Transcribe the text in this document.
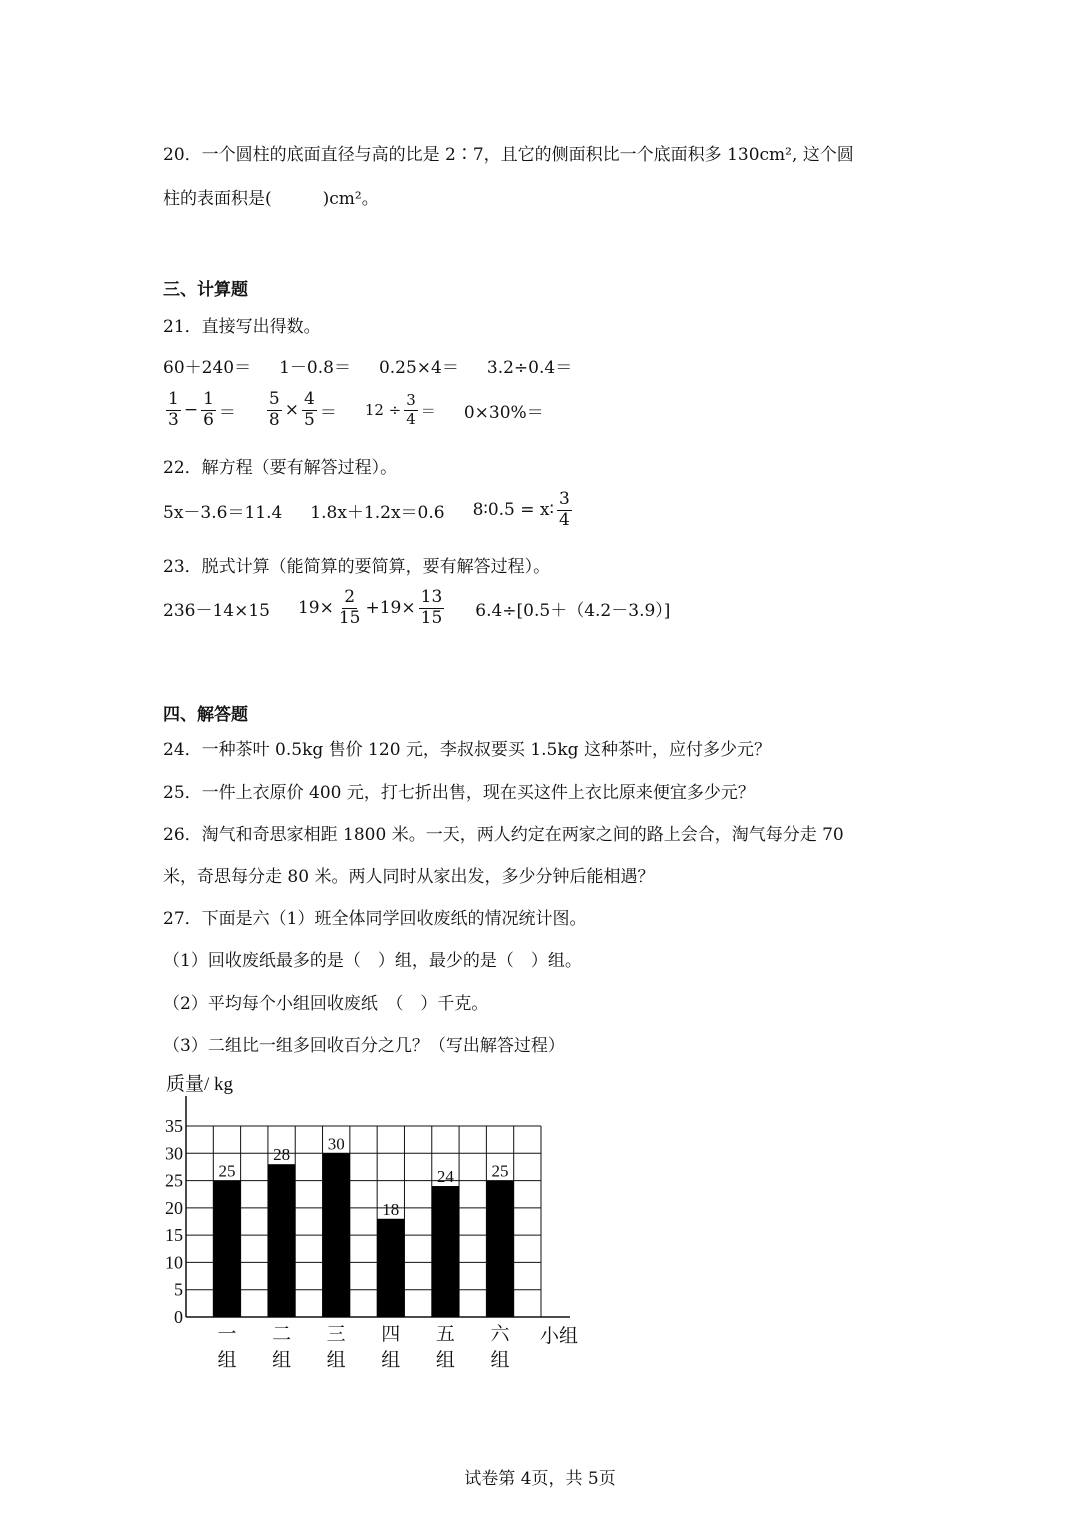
20．一个圆柱的底面直径与高的比是 2∶7，且它的侧面积比一个底面积多 130cm², 这个圆
柱的表面积是(　　　)cm²。
三、计算题
21．直接写出得数。
60＋240＝ 1－0.8＝ 0.25×4＝ 3.2÷0.4＝
$\frac{1}{3} - \frac{1}{6} = \frac{5}{8} \times \frac{4}{5} = 12 \div \frac{3}{4} = 0\times 30\%=$
22．解方程（要有解答过程）。
5x－3.6＝11.4 1.8x＋1.2x＝0.6 8∶0.5 = x∶ $\frac{3}{4}$
23．脱式计算（能简算的要简算，要有解答过程）。
236－14×15 $19\times \frac{2}{15} +19\times \frac{13}{15} 6.4\div[0.5+(4.2-3.9)]$
四、解答题
24．一种茶叶 0.5kg 售价 120 元，李叔叔要买 1.5kg 这种茶叶，应付多少元？
25．一件上衣原价 400 元，打七折出售，现在买这件上衣比原来便宜多少元？
26．淘气和奇思家相距 1800 米。一天，两人约定在两家之间的路上会合，淘气每分走 70
米，奇思每分走 80 米。两人同时从家出发，多少分钟后能相遇？
27．下面是六（1）班全体同学回收废纸的情况统计图。
（1）回收废纸最多的是（　）组，最少的是（　）组。
（2）平均每个小组回收废纸　（　）千克。
（3）二组比一组多回收百分之几？（写出解答过程）
质量/ kg
0
5
10
15
20
25
30
35
25
一
组
28
二
组
30
三
组
18
四
组
24
五
组
25
六
组
小组
试卷第 4页，共 5页
